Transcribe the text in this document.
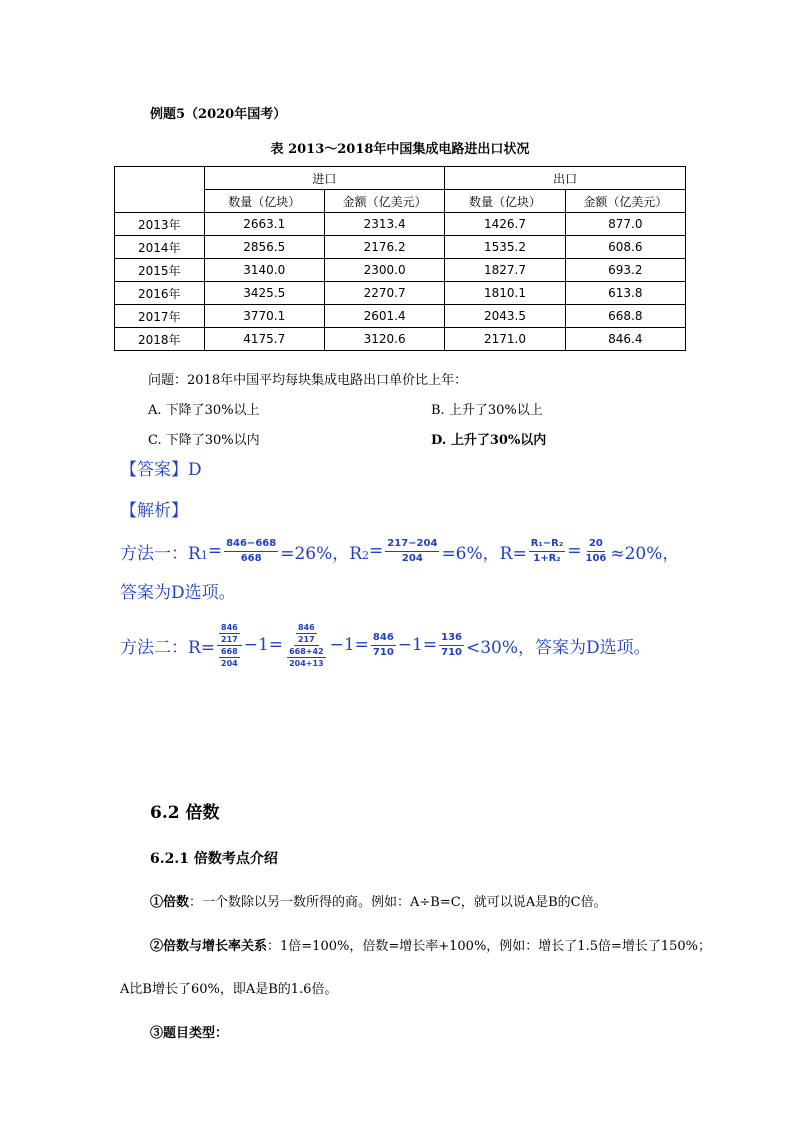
例题5（2020年国考）
表 2013～2018年中国集成电路进出口状况
	进口		出口	
	数量（亿块）	金额（亿美元）	数量（亿块）	金额（亿美元）
2013年	2663.1	2313.4	1426.7	877.0
2014年	2856.5	2176.2	1535.2	608.6
2015年	3140.0	2300.0	1827.7	693.2
2016年	3425.5	2270.7	1810.1	613.8
2017年	3770.1	2601.4	2043.5	668.8
2018年	4175.7	3120.6	2171.0	846.4
问题：2018年中国平均每块集成电路出口单价比上年：
A. 下降了30%以上	B. 上升了30%以上
C. 下降了30%以内	D. 上升了30%以内
【答案】D
【解析】
方法一：R $1 = \frac{846-668}{668} =26\%$，R $2 = \frac{217-204}{204} =6\%$，$R= \frac{\text{R₁−R₂}}{\text{1+R₂}} = \frac{20}{106} \approx 20\%$，
答案为D选项。
方法二：$R= \frac{\frac{846}{217}}{\frac{668}{204}} -1= \frac{\frac{846}{217}}{\frac{668+42}{204+13}} -1= \frac{846}{710} -1= \frac{136}{710} <30\%$，答案为D选项。
6.2 倍数
6.2.1 倍数考点介绍
①倍数：一个数除以另一数所得的商。例如：A÷B=C，就可以说A是B的C倍。
②倍数与增长率关系：1倍=100%，倍数=增长率+100%，例如：增长了1.5倍=增长了150%；
A比B增长了60%，即A是B的1.6倍。
③题目类型：
